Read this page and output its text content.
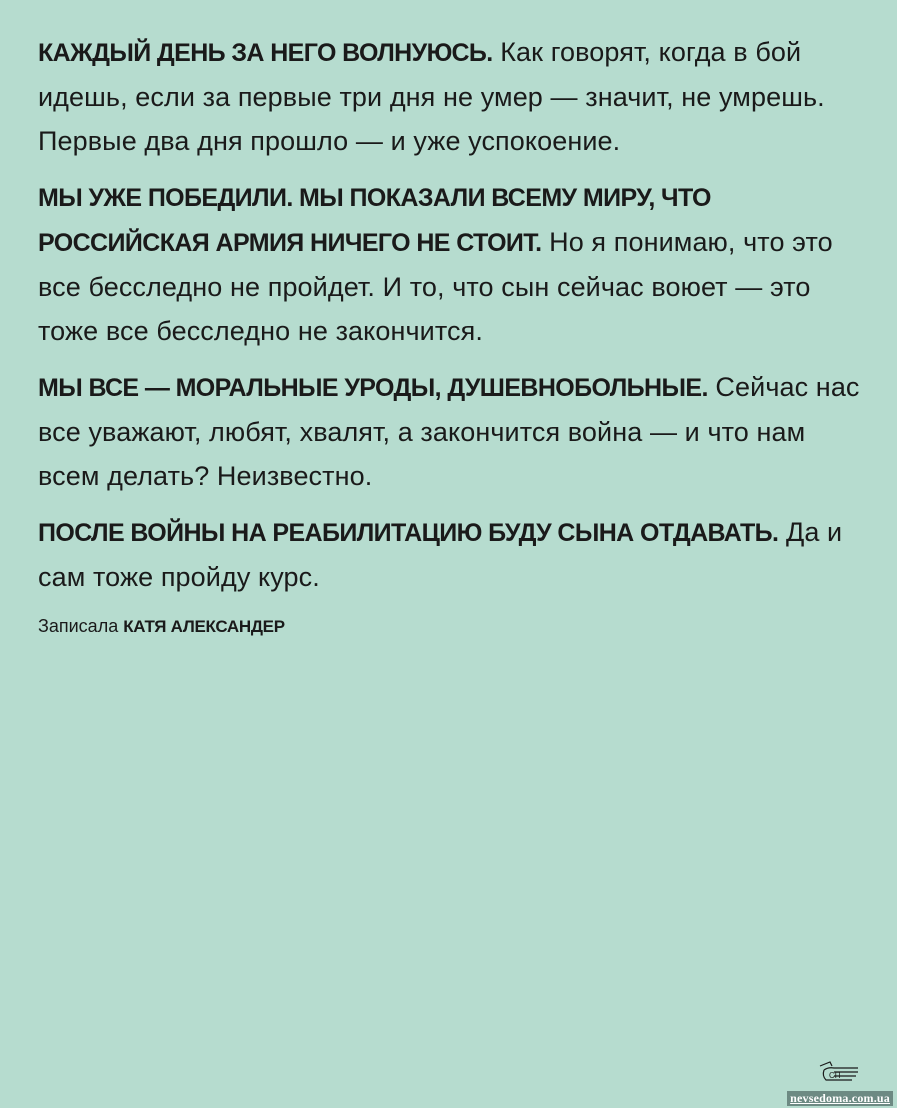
КАЖДЫЙ ДЕНЬ ЗА НЕГО ВОЛНУЮСЬ. Как говорят, когда в бой идешь, если за первые три дня не умер — значит, не умрешь. Первые два дня прошло — и уже успокоение.

МЫ УЖЕ ПОБЕДИЛИ. МЫ ПОКАЗАЛИ ВСЕМУ МИРУ, ЧТО РОССИЙСКАЯ АРМИЯ НИЧЕГО НЕ СТОИТ. Но я понимаю, что это все бесследно не пройдет. И то, что сын сейчас воюет — это тоже все бесследно не закончится.

МЫ ВСЕ — МОРАЛЬНЫЕ УРОДЫ, ДУШЕВНОБОЛЬНЫЕ. Сейчас нас все уважают, любят, хвалят, а закончится война — и что нам всем делать? Неизвестно.

ПОСЛЕ ВОЙНЫ НА РЕАБИЛИТАЦИЮ БУДУ СЫНА ОТДАВАТЬ. Да и сам тоже пройду курс.

Записала КАТЯ АЛЕКСАНДЕР
СП
nevsedoma.com.ua
